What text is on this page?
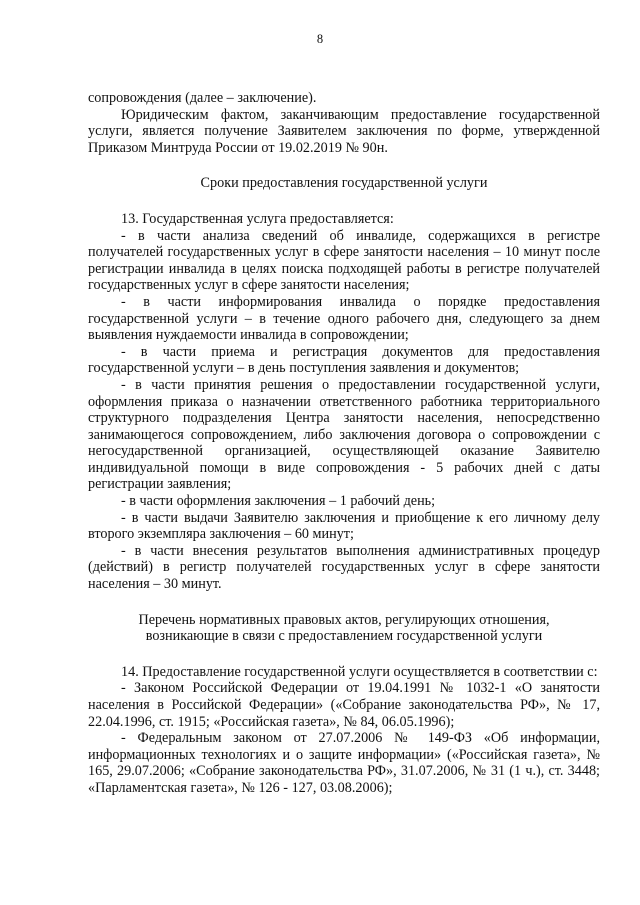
8

сопровождения (далее – заключение).

Юридическим фактом, заканчивающим предоставление государственной услуги, является получение Заявителем заключения по форме, утвержденной Приказом Минтруда России от 19.02.2019 № 90н.

Сроки предоставления государственной услуги

13. Государственная услуга предоставляется:

- в части анализа сведений об инвалиде, содержащихся в регистре получателей государственных услуг в сфере занятости населения – 10 минут после регистрации инвалида в целях поиска подходящей работы в регистре получателей государственных услуг в сфере занятости населения;

- в части информирования инвалида о порядке предоставления государственной услуги – в течение одного рабочего дня, следующего за днем выявления нуждаемости инвалида в сопровождении;

- в части приема и регистрация документов для предоставления государственной услуги – в день поступления заявления и документов;

- в части принятия решения о предоставлении государственной услуги, оформления приказа о назначении ответственного работника территориального структурного подразделения Центра занятости населения, непосредственно занимающегося сопровождением, либо заключения договора о сопровождении с негосударственной организацией, осуществляющей оказание Заявителю индивидуальной помощи в виде сопровождения - 5 рабочих дней с даты регистрации заявления;

- в части оформления заключения – 1 рабочий день;

- в части выдачи Заявителю заключения и приобщение к его личному делу второго экземпляра заключения – 60 минут;

- в части внесения результатов выполнения административных процедур (действий) в регистр получателей государственных услуг в сфере занятости населения – 30 минут.

Перечень нормативных правовых актов, регулирующих отношения,

возникающие в связи с предоставлением государственной услуги

14. Предоставление государственной услуги осуществляется в соответствии с:

- Законом Российской Федерации от 19.04.1991 № 1032-1 «О занятости населения в Российской Федерации» («Собрание законодательства РФ», № 17, 22.04.1996, ст. 1915; «Российская газета», № 84, 06.05.1996);

- Федеральным законом от 27.07.2006 № 149-ФЗ «Об информации, информационных технологиях и о защите информации» («Российская газета», № 165, 29.07.2006; «Собрание законодательства РФ», 31.07.2006, № 31 (1 ч.), ст. 3448; «Парламентская газета», № 126 - 127, 03.08.2006);
